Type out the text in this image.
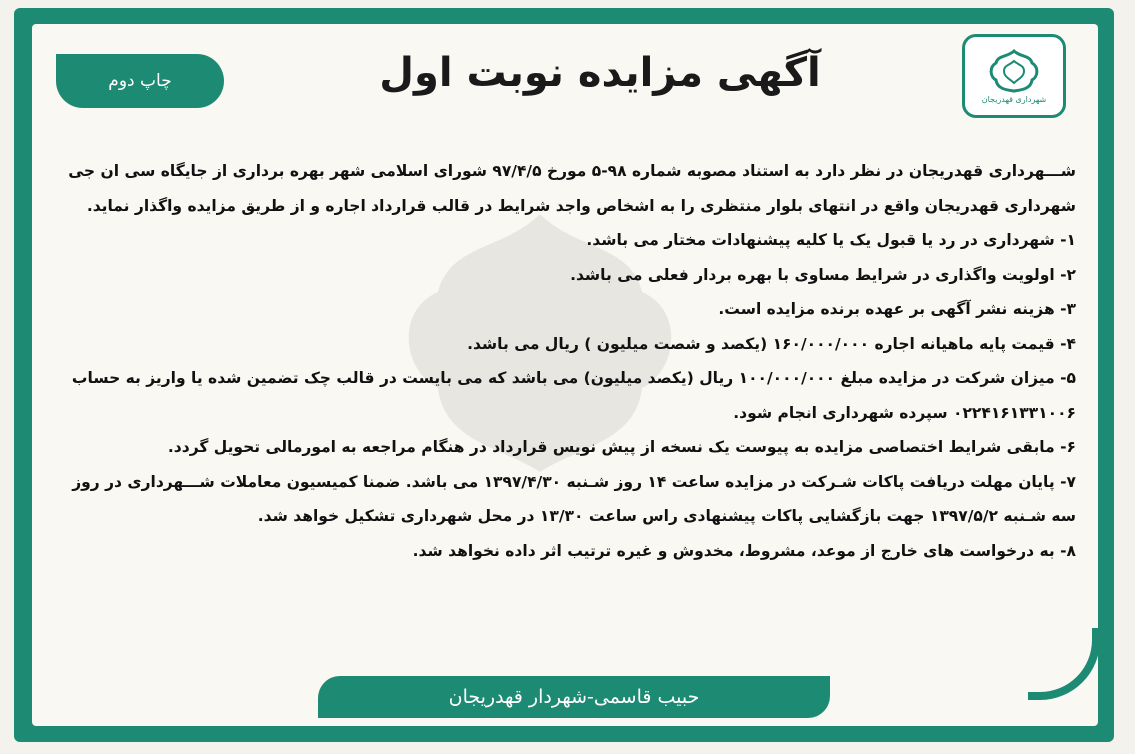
شهرداری قهدریجان
چاپ دوم	آگهی مزایده نوبت اول

شـــهرداری قهدریجان در نظر دارد به استناد مصوبه شماره ۹۸-۵ مورخ ۹۷/۴/۵ شورای اسلامی شهر بهره برداری از جایگاه سی ان جی شهرداری قهدریجان واقع در انتهای بلوار منتظری را به اشخاص واجد شرایط در قالب قرارداد اجاره و از طریق مزایده واگذار نماید.

۱- شهرداری در رد یا قبول یک یا کلیه پیشنهادات مختار می باشد.
۲- اولویت واگذاری در شرایط مساوی با بهره بردار فعلی می باشد.
۳- هزینه نشر آگهی بر عهده برنده مزایده است.
۴- قیمت پایه ماهیانه اجاره ۱۶۰/۰۰۰/۰۰۰ (یکصد و شصت میلیون ) ریال می باشد.
۵- میزان شرکت در مزایده مبلغ ۱۰۰/۰۰۰/۰۰۰ ریال (یکصد میلیون) می باشد که می بایست در قالب چک تضمین شده یا واریز به حساب ۰۲۲۴۱۶۱۳۳۱۰۰۶ سپرده شهرداری انجام شود.
۶- مابقی شرایط اختصاصی مزایده به پیوست یک نسخه از پیش نویس قرارداد در هنگام مراجعه به امورمالی تحویل گردد.
۷- پایان مهلت دریافت پاکات شـرکت در مزایده ساعت ۱۴ روز شـنبه ۱۳۹۷/۴/۳۰ می باشد. ضمنا کمیسیون معاملات شـــهرداری در روز سه شـنبه ۱۳۹۷/۵/۲ جهت بازگشایی پاکات پیشنهادی راس ساعت ۱۳/۳۰ در محل شهرداری تشکیل خواهد شد.
۸- به درخواست های خارج از موعد، مشروط، مخدوش و غیره ترتیب اثر داده نخواهد شد.
حبیب قاسمی-شهردار قهدریجان
